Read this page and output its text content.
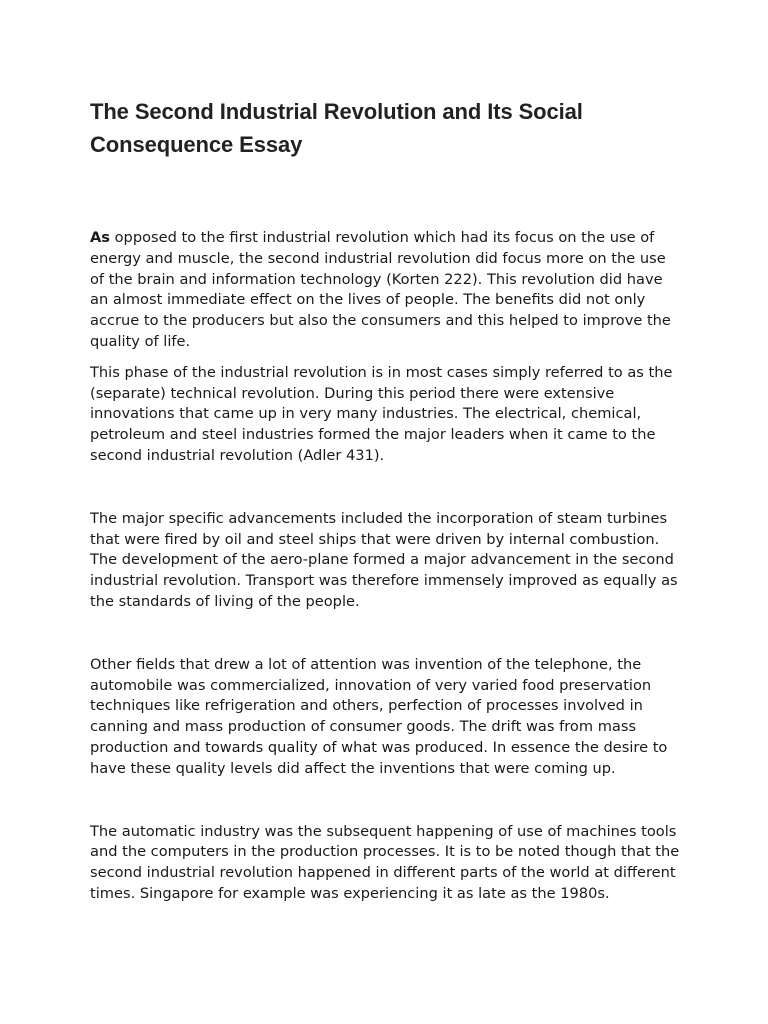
The Second Industrial Revolution and Its Social Consequence Essay

As opposed to the first industrial revolution which had its focus on the use of energy and muscle, the second industrial revolution did focus more on the use of the brain and information technology (Korten 222). This revolution did have an almost immediate effect on the lives of people. The benefits did not only accrue to the producers but also the consumers and this helped to improve the quality of life.

This phase of the industrial revolution is in most cases simply referred to as the (separate) technical revolution. During this period there were extensive innovations that came up in very many industries. The electrical, chemical, petroleum and steel industries formed the major leaders when it came to the second industrial revolution (Adler 431).

The major specific advancements included the incorporation of steam turbines that were fired by oil and steel ships that were driven by internal combustion. The development of the aero-plane formed a major advancement in the second industrial revolution. Transport was therefore immensely improved as equally as the standards of living of the people.

Other fields that drew a lot of attention was invention of the telephone, the automobile was commercialized, innovation of very varied food preservation techniques like refrigeration and others, perfection of processes involved in canning and mass production of consumer goods. The drift was from mass production and towards quality of what was produced. In essence the desire to have these quality levels did affect the inventions that were coming up.

The automatic industry was the subsequent happening of use of machines tools and the computers in the production processes. It is to be noted though that the second industrial revolution happened in different parts of the world at different times. Singapore for example was experiencing it as late as the 1980s.
